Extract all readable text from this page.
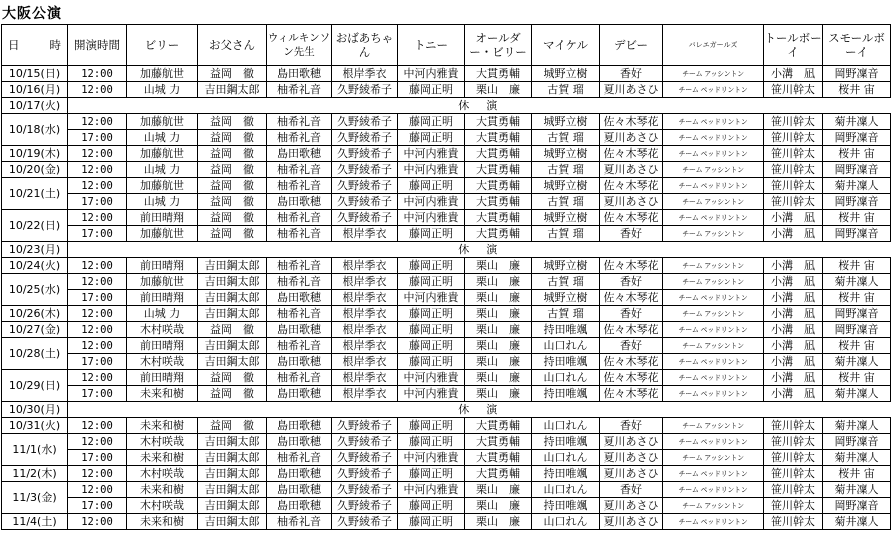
大阪公演
日 時	開演時間	ビリー	お父さん	ウィルキンソン先生	おばあちゃん	トニー	オールダー・ビリー	マイケル	デビー	バレエガールズ	トールボーイ	スモールボーイ
10/15(日)	12:00	加藤航世	益岡　徹	島田歌穂	根岸季衣	中河内雅貴	大貫勇輔	城野立樹	香好	チーム アッシントン	小溝　凪	岡野凜音
10/16(月)	12:00	山城 力	吉田鋼太郎	柚希礼音	久野綾希子	藤岡正明	栗山　廉	古賀 瑠	夏川あさひ	チーム ペッドリントン	笹川幹太	桜井 宙
10/17(火)	休　演											
10/18(水)	12:00	加藤航世	益岡　徹	柚希礼音	久野綾希子	藤岡正明	大貫勇輔	城野立樹	佐々木琴花	チーム ペッドリントン	笹川幹太	菊井凜人
	17:00	山城 力	益岡　徹	柚希礼音	久野綾希子	藤岡正明	大貫勇輔	古賀 瑠	夏川あさひ	チーム ペッドリントン	笹川幹太	岡野凜音
10/19(木)	12:00	加藤航世	益岡　徹	島田歌穂	久野綾希子	中河内雅貴	大貫勇輔	城野立樹	佐々木琴花	チーム ペッドリントン	笹川幹太	桜井 宙
10/20(金)	12:00	山城 力	益岡　徹	柚希礼音	久野綾希子	中河内雅貴	大貫勇輔	古賀 瑠	夏川あさひ	チーム アッシントン	笹川幹太	岡野凜音
10/21(土)	12:00	加藤航世	益岡　徹	柚希礼音	久野綾希子	藤岡正明	大貫勇輔	城野立樹	佐々木琴花	チーム ペッドリントン	笹川幹太	菊井凜人
	17:00	山城 力	益岡　徹	島田歌穂	久野綾希子	中河内雅貴	大貫勇輔	古賀 瑠	夏川あさひ	チーム アッシントン	笹川幹太	岡野凜音
10/22(日)	12:00	前田晴翔	益岡　徹	柚希礼音	久野綾希子	中河内雅貴	大貫勇輔	城野立樹	佐々木琴花	チーム ペッドリントン	小溝　凪	桜井 宙
	17:00	加藤航世	益岡　徹	柚希礼音	根岸季衣	藤岡正明	大貫勇輔	古賀 瑠	香好	チーム アッシントン	小溝　凪	岡野凜音
10/23(月)	休　演											
10/24(火)	12:00	前田晴翔	吉田鋼太郎	柚希礼音	根岸季衣	藤岡正明	栗山　廉	城野立樹	佐々木琴花	チーム アッシントン	小溝　凪	桜井 宙
10/25(水)	12:00	加藤航世	吉田鋼太郎	柚希礼音	根岸季衣	藤岡正明	栗山　廉	古賀 瑠	香好	チーム アッシントン	小溝　凪	菊井凜人
	17:00	前田晴翔	吉田鋼太郎	島田歌穂	根岸季衣	中河内雅貴	栗山　廉	城野立樹	佐々木琴花	チーム ペッドリントン	小溝　凪	桜井 宙
10/26(木)	12:00	山城 力	吉田鋼太郎	柚希礼音	根岸季衣	藤岡正明	栗山　廉	古賀 瑠	香好	チーム アッシントン	小溝　凪	岡野凜音
10/27(金)	12:00	木村咲哉	益岡　徹	島田歌穂	根岸季衣	藤岡正明	栗山　廉	持田唯颯	佐々木琴花	チーム ペッドリントン	小溝　凪	岡野凜音
10/28(土)	12:00	前田晴翔	吉田鋼太郎	柚希礼音	根岸季衣	藤岡正明	栗山　廉	山口れん	香好	チーム アッシントン	小溝　凪	桜井 宙
	17:00	木村咲哉	吉田鋼太郎	島田歌穂	根岸季衣	藤岡正明	栗山　廉	持田唯颯	佐々木琴花	チーム ペッドリントン	小溝　凪	菊井凜人
10/29(日)	12:00	前田晴翔	益岡　徹	柚希礼音	根岸季衣	中河内雅貴	栗山　廉	山口れん	佐々木琴花	チーム ペッドリントン	小溝　凪	桜井 宙
	17:00	未来和樹	益岡　徹	島田歌穂	根岸季衣	中河内雅貴	栗山　廉	持田唯颯	佐々木琴花	チーム ペッドリントン	小溝　凪	菊井凜人
10/30(月)	休　演											
10/31(火)	12:00	未来和樹	益岡　徹	島田歌穂	久野綾希子	藤岡正明	大貫勇輔	山口れん	香好	チーム アッシントン	笹川幹太	菊井凜人
11/1(水)	12:00	木村咲哉	吉田鋼太郎	島田歌穂	久野綾希子	藤岡正明	大貫勇輔	持田唯颯	夏川あさひ	チーム ペッドリントン	笹川幹太	岡野凜音
	17:00	未来和樹	吉田鋼太郎	柚希礼音	久野綾希子	中河内雅貴	大貫勇輔	山口れん	夏川あさひ	チーム アッシントン	笹川幹太	菊井凜人
11/2(木)	12:00	木村咲哉	吉田鋼太郎	島田歌穂	久野綾希子	藤岡正明	大貫勇輔	持田唯颯	夏川あさひ	チーム ペッドリントン	笹川幹太	桜井 宙
11/3(金)	12:00	未来和樹	吉田鋼太郎	島田歌穂	久野綾希子	中河内雅貴	栗山　廉	山口れん	香好	チーム ペッドリントン	笹川幹太	菊井凜人
	17:00	木村咲哉	吉田鋼太郎	島田歌穂	久野綾希子	藤岡正明	栗山　廉	持田唯颯	夏川あさひ	チーム アッシントン	笹川幹太	岡野凜音
11/4(土)	12:00	未来和樹	吉田鋼太郎	柚希礼音	久野綾希子	藤岡正明	栗山　廉	山口れん	夏川あさひ	チーム ペッドリントン	笹川幹太	菊井凜人
